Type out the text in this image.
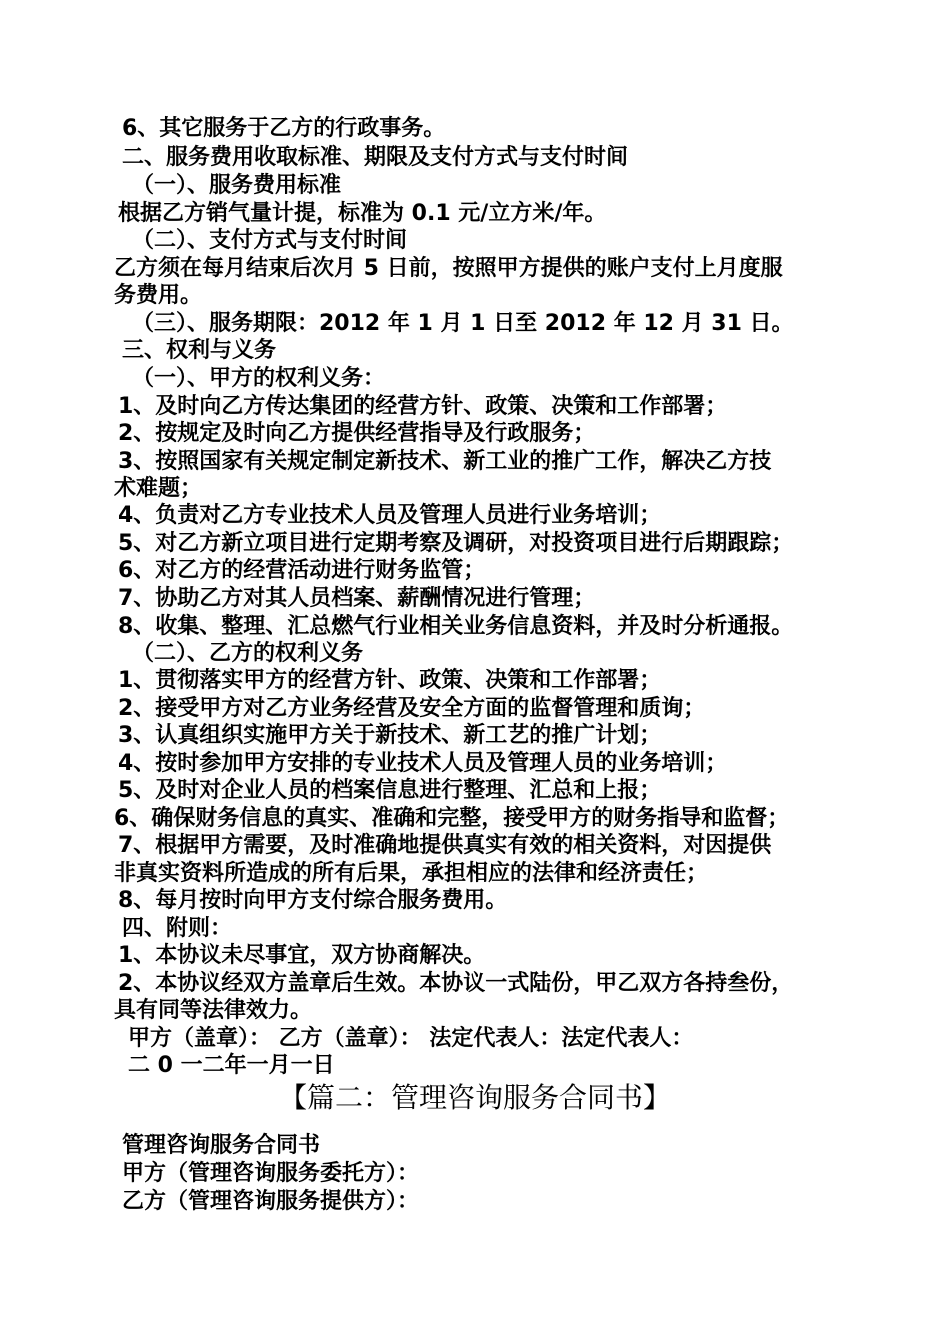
6、其它服务于乙方的行政事务。
二、服务费用收取标准、期限及支付方式与支付时间
（一）、服务费用标准
根据乙方销气量计提，标准为 0.1 元/立方米/年。
（二）、支付方式与支付时间
乙方须在每月结束后次月 5 日前，按照甲方提供的账户支付上月度服
务费用。
（三）、服务期限：2012 年 1 月 1 日至 2012 年 12 月 31 日。
三、权利与义务
（一）、甲方的权利义务：
1、及时向乙方传达集团的经营方针、政策、决策和工作部署；
2、按规定及时向乙方提供经营指导及行政服务；
3、按照国家有关规定制定新技术、新工业的推广工作，解决乙方技
术难题；
4、负责对乙方专业技术人员及管理人员进行业务培训；
5、对乙方新立项目进行定期考察及调研，对投资项目进行后期跟踪；
6、对乙方的经营活动进行财务监管；
7、协助乙方对其人员档案、薪酬情况进行管理；
8、收集、整理、汇总燃气行业相关业务信息资料，并及时分析通报。
（二）、乙方的权利义务
1、贯彻落实甲方的经营方针、政策、决策和工作部署；
2、接受甲方对乙方业务经营及安全方面的监督管理和质询；
3、认真组织实施甲方关于新技术、新工艺的推广计划；
4、按时参加甲方安排的专业技术人员及管理人员的业务培训；
5、及时对企业人员的档案信息进行整理、汇总和上报；
6、确保财务信息的真实、准确和完整，接受甲方的财务指导和监督；
7、根据甲方需要，及时准确地提供真实有效的相关资料，对因提供
非真实资料所造成的所有后果，承担相应的法律和经济责任；
8、每月按时向甲方支付综合服务费用。
四、附则：
1、本协议未尽事宜，双方协商解决。
2、本协议经双方盖章后生效。本协议一式陆份，甲乙双方各持叁份，
具有同等法律效力。
甲方（盖章）： 乙方（盖章）： 法定代表人：法定代表人：
二 0 一二年一月一日
【篇二：管理咨询服务合同书】
管理咨询服务合同书
甲方（管理咨询服务委托方）：
乙方（管理咨询服务提供方）：
